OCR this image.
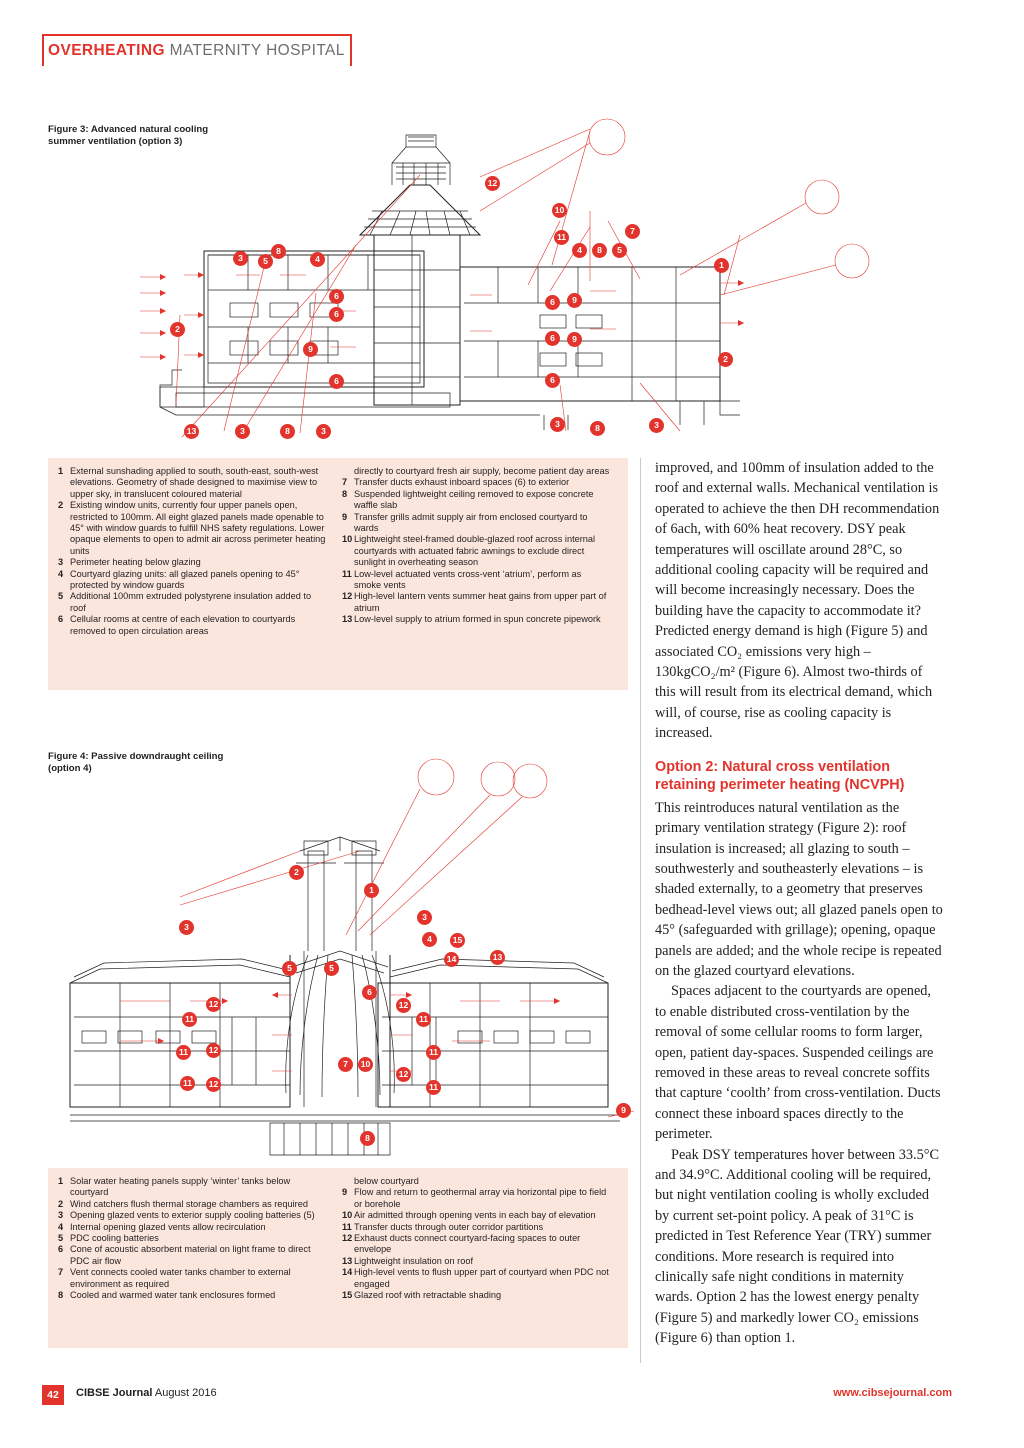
OVERHEATING MATERNITY HOSPITAL
Figure 3: Advanced natural cooling summer ventilation (option 3)
12
10
11
7
4	8	5
1
8
3	5	4
6
6	9
2
6
6	9
9
2
6	6
13	3	8	3
3	8	3
1 External sunshading applied to south, south-east, south-west elevations. Geometry of shade designed to maximise view to upper sky, in translucent coloured material
2 Existing window units, currently four upper panels open, restricted to 100mm. All eight glazed panels made openable to 45° with window guards to fulfill NHS safety regulations. Lower opaque elements to open to admit air across perimeter heating units
3 Perimeter heating below glazing
4 Courtyard glazing units: all glazed panels opening to 45° protected by window guards
5 Additional 100mm extruded polystyrene insulation added to roof
6 Cellular rooms at centre of each elevation to courtyards removed to open circulation areas
directly to courtyard fresh air supply, become patient day areas
7 Transfer ducts exhaust inboard spaces (6) to exterior
8 Suspended lightweight ceiling removed to expose concrete waffle slab
9 Transfer grills admit supply air from enclosed courtyard to wards
10 Lightweight steel-framed double-glazed roof across internal courtyards with actuated fabric awnings to exclude direct sunlight in overheating season
11 Low-level actuated vents cross-vent ‘atrium’, perform as smoke vents
12 High-level lantern vents summer heat gains from upper part of atrium
13 Low-level supply to atrium formed in spun concrete pipework
Figure 4: Passive downdraught ceiling (option 4)
2
1
3
3
4	15
14	13
5	5
6
12	12
11	11
11	12	11
7	10
12
11	12	11
9
8
1 Solar water heating panels supply ‘winter’ tanks below courtyard
2 Wind catchers flush thermal storage chambers as required
3 Opening glazed vents to exterior supply cooling batteries (5)
4 Internal opening glazed vents allow recirculation
5 PDC cooling batteries
6 Cone of acoustic absorbent material on light frame to direct PDC air flow
7 Vent connects cooled water tanks chamber to external environment as required
8 Cooled and warmed water tank enclosures formed
below courtyard
9 Flow and return to geothermal array via horizontal pipe to field or borehole
10 Air admitted through opening vents in each bay of elevation
11 Transfer ducts through outer corridor partitions
12 Exhaust ducts connect courtyard-facing spaces to outer envelope
13 Lightweight insulation on roof
14 High-level vents to flush upper part of courtyard when PDC not engaged
15 Glazed roof with retractable shading

improved, and 100mm of insulation added to the roof and external walls. Mechanical ventilation is operated to achieve the then DH recommendation of 6ach, with 60% heat recovery. DSY peak temperatures will oscillate around 28°C, so additional cooling capacity will be required and will become increasingly necessary. Does the building have the capacity to accommodate it? Predicted energy demand is high (Figure 5) and associated CO₂ emissions very high – 130kgCO₂/m² (Figure 6). Almost two-thirds of this will result from its electrical demand, which will, of course, rise as cooling capacity is increased.

Option 2: Natural cross ventilation retaining perimeter heating (NCVPH)

This reintroduces natural ventilation as the primary ventilation strategy (Figure 2): roof insulation is increased; all glazing to south – southwesterly and southeasterly elevations – is shaded externally, to a geometry that preserves bedhead-level views out; all glazed panels open to 45° (safeguarded with grillage); opening, opaque panels are added; and the whole recipe is repeated on the glazed courtyard elevations.

Spaces adjacent to the courtyards are opened, to enable distributed cross-ventilation by the removal of some cellular rooms to form larger, open, patient day-spaces. Suspended ceilings are removed in these areas to reveal concrete soffits that capture ‘coolth’ from cross-ventilation. Ducts connect these inboard spaces directly to the perimeter.

Peak DSY temperatures hover between 33.5°C and 34.9°C. Additional cooling will be required, but night ventilation cooling is wholly excluded by current set-point policy. A peak of 31°C is predicted in Test Reference Year (TRY) summer conditions. More research is required into clinically safe night conditions in maternity wards. Option 2 has the lowest energy penalty (Figure 5) and markedly lower CO₂ emissions (Figure 6) than option 1.

42	CIBSE Journal August 2016	www.cibsejournal.com
